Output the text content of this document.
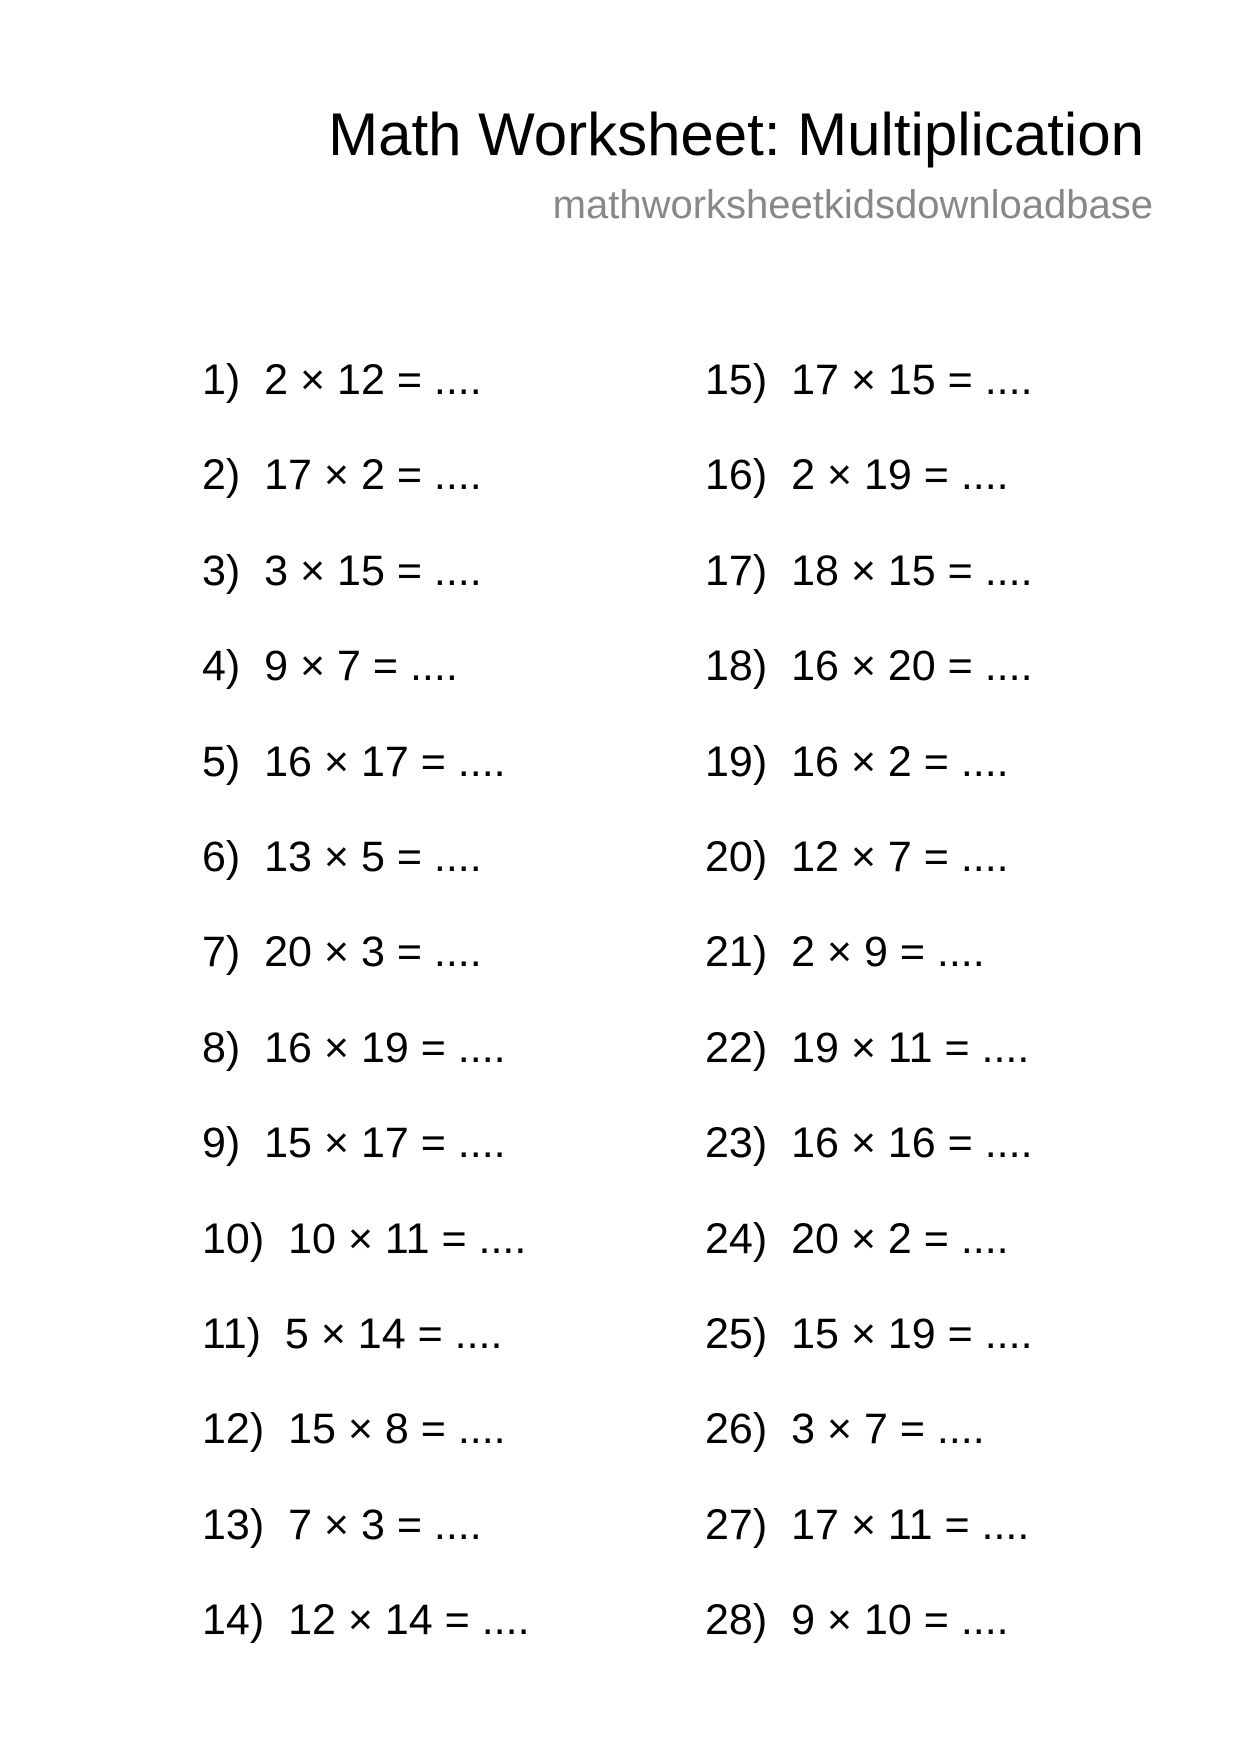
Math Worksheet: Multiplication
mathworksheetkidsdownloadbase
1) 2 × 12 = ....
2) 17 × 2 = ....
3) 3 × 15 = ....
4) 9 × 7 = ....
5) 16 × 17 = ....
6) 13 × 5 = ....
7) 20 × 3 = ....
8) 16 × 19 = ....
9) 15 × 17 = ....
10) 10 × 11 = ....
11) 5 × 14 = ....
12) 15 × 8 = ....
13) 7 × 3 = ....
14) 12 × 14 = ....
15) 17 × 15 = ....
16) 2 × 19 = ....
17) 18 × 15 = ....
18) 16 × 20 = ....
19) 16 × 2 = ....
20) 12 × 7 = ....
21) 2 × 9 = ....
22) 19 × 11 = ....
23) 16 × 16 = ....
24) 20 × 2 = ....
25) 15 × 19 = ....
26) 3 × 7 = ....
27) 17 × 11 = ....
28) 9 × 10 = ....
